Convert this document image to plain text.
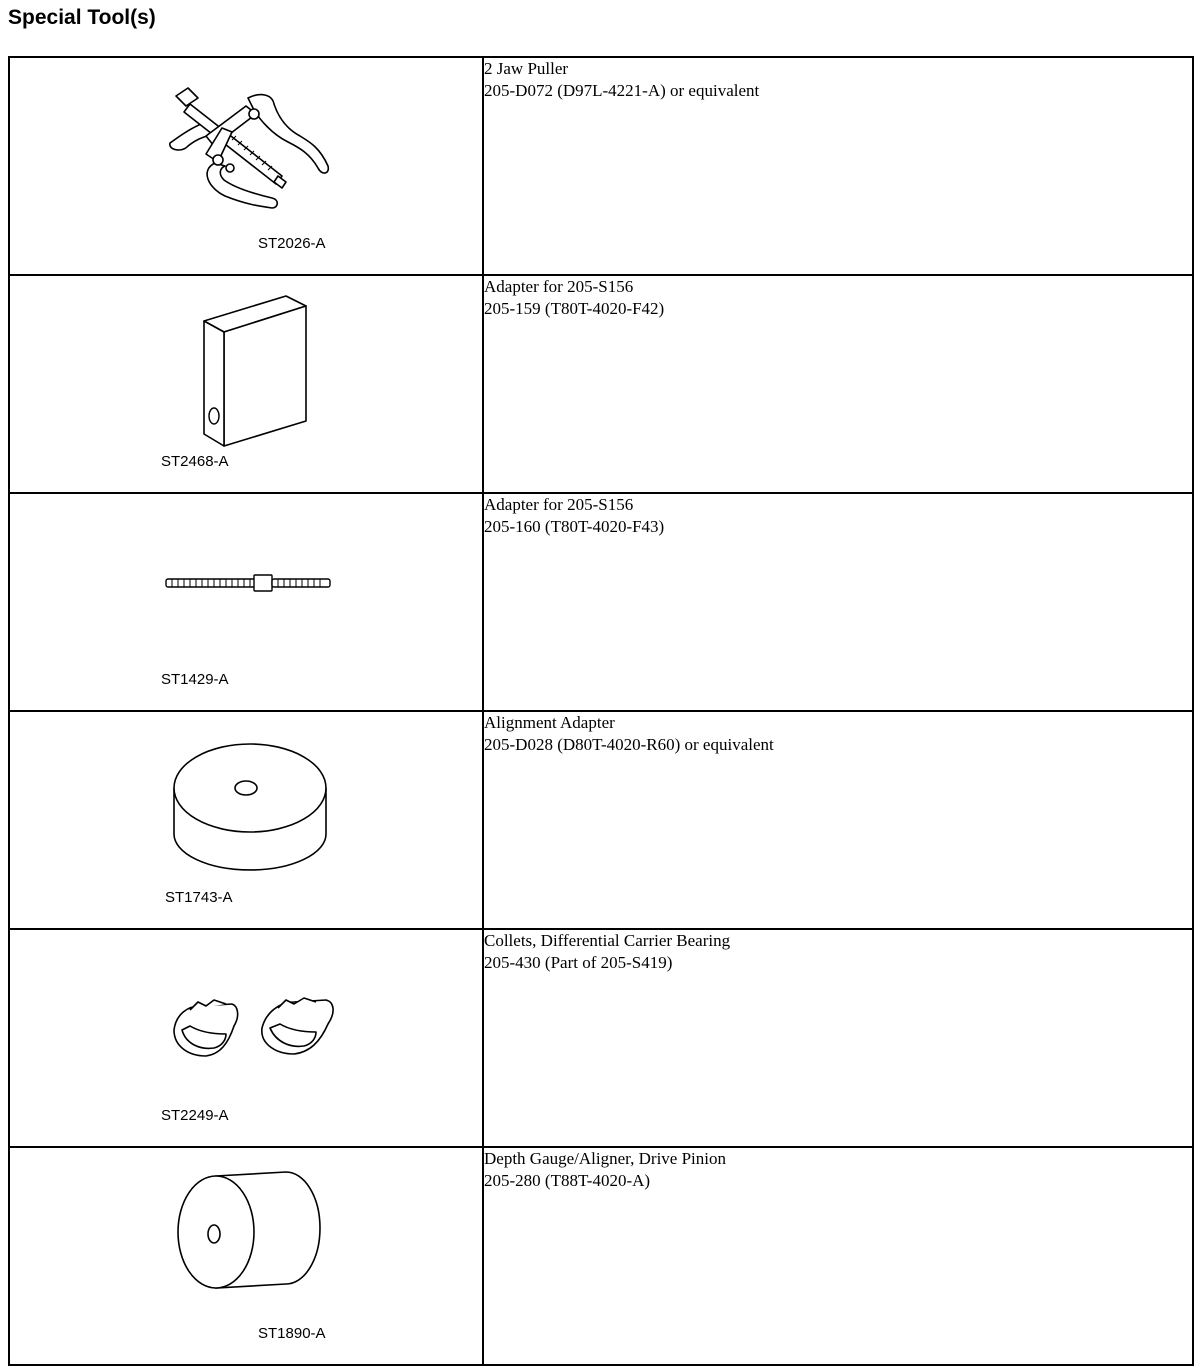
Special Tool(s)
ST2026-A	2 Jaw Puller
205-D072 (D97L-4221-A) or equivalent

ST2468-A	Adapter for 205-S156
205-159 (T80T-4020-F42)

ST1429-A	Adapter for 205-S156
205-160 (T80T-4020-F43)

ST1743-A	Alignment Adapter
205-D028 (D80T-4020-R60) or equivalent

ST2249-A	Collets, Differential Carrier Bearing
205-430 (Part of 205-S419)

ST1890-A	Depth Gauge/Aligner, Drive Pinion
205-280 (T88T-4020-A)
